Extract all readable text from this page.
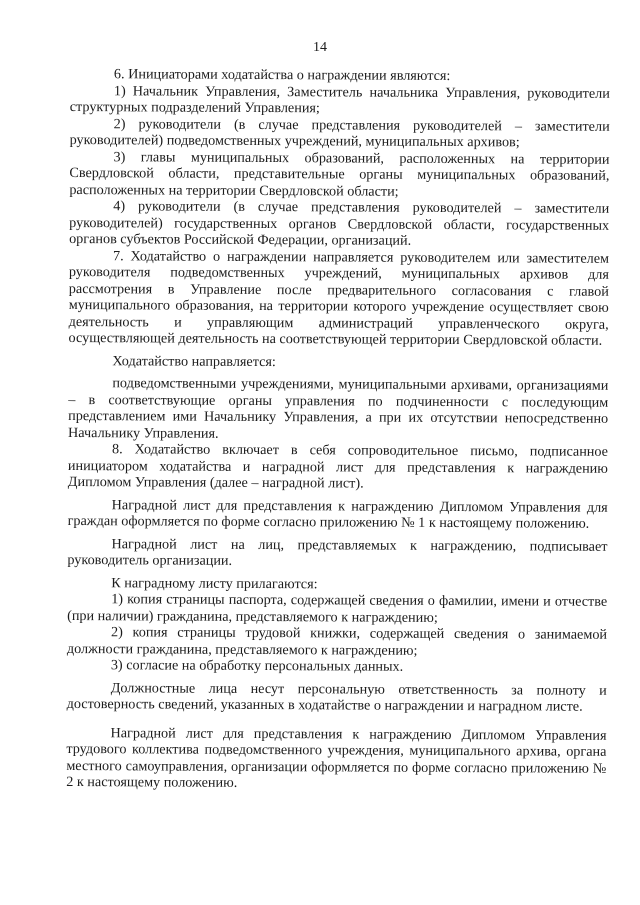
14

6. Инициаторами ходатайства о награждении являются:

1) Начальник Управления, Заместитель начальника Управления, руководители структурных подразделений Управления;

2) руководители (в случае представления руководителей – заместители руководителей) подведомственных учреждений, муниципальных архивов;

3) главы муниципальных образований, расположенных на территории Свердловской области, представительные органы муниципальных образований, расположенных на территории Свердловской области;

4) руководители (в случае представления руководителей – заместители руководителей) государственных органов Свердловской области, государственных органов субъектов Российской Федерации, организаций.

7. Ходатайство о награждении направляется руководителем или заместителем руководителя подведомственных учреждений, муниципальных архивов для рассмотрения в Управление после предварительного согласования с главой муниципального образования, на территории которого учреждение осуществляет свою деятельность и управляющим администраций управленческого округа, осуществляющей деятельность на соответствующей территории Свердловской области.

Ходатайство направляется:

подведомственными учреждениями, муниципальными архивами, организациями – в соответствующие органы управления по подчиненности с последующим представлением ими Начальнику Управления, а при их отсутствии непосредственно Начальнику Управления.

8. Ходатайство включает в себя сопроводительное письмо, подписанное инициатором ходатайства и наградной лист для представления к награждению Дипломом Управления (далее – наградной лист).

Наградной лист для представления к награждению Дипломом Управления для граждан оформляется по форме согласно приложению № 1 к настоящему положению.

Наградной лист на лиц, представляемых к награждению, подписывает руководитель организации.

К наградному листу прилагаются:

1) копия страницы паспорта, содержащей сведения о фамилии, имени и отчестве (при наличии) гражданина, представляемого к награждению;

2) копия страницы трудовой книжки, содержащей сведения о занимаемой должности гражданина, представляемого к награждению;

3) согласие на обработку персональных данных.

Должностные лица несут персональную ответственность за полноту и достоверность сведений, указанных в ходатайстве о награждении и наградном листе.

Наградной лист для представления к награждению Дипломом Управления трудового коллектива подведомственного учреждения, муниципального архива, органа местного самоуправления, организации оформляется по форме согласно приложению № 2 к настоящему положению.
